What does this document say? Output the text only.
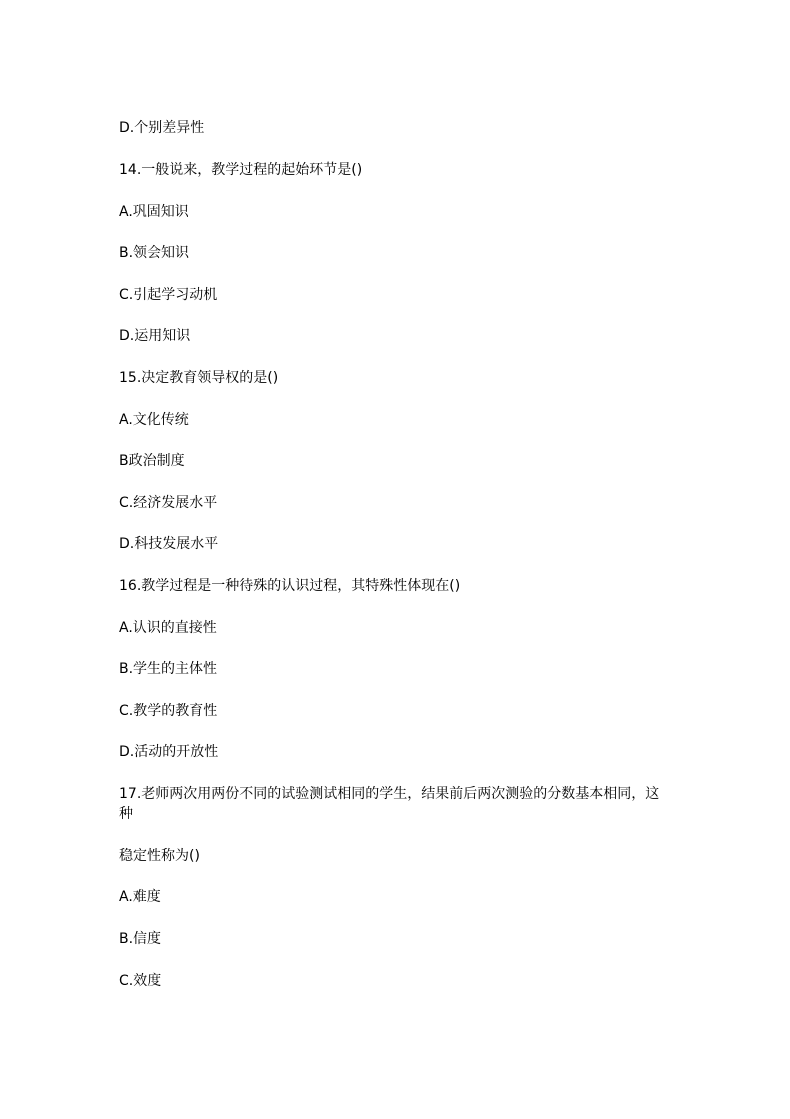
D.个别差异性
14.一般说来，教学过程的起始环节是()
A.巩固知识
B.领会知识
C.引起学习动机
D.运用知识
15.决定教育领导权的是()
A.文化传统
B政治制度
C.经济发展水平
D.科技发展水平
16.教学过程是一种待殊的认识过程，其特殊性体现在()
A.认识的直接性
B.学生的主体性
C.教学的教育性
D.活动的开放性
17.老师两次用两份不同的试验测试相同的学生，结果前后两次测验的分数基本相同，这
种
稳定性称为()
A.难度
B.信度
C.效度
